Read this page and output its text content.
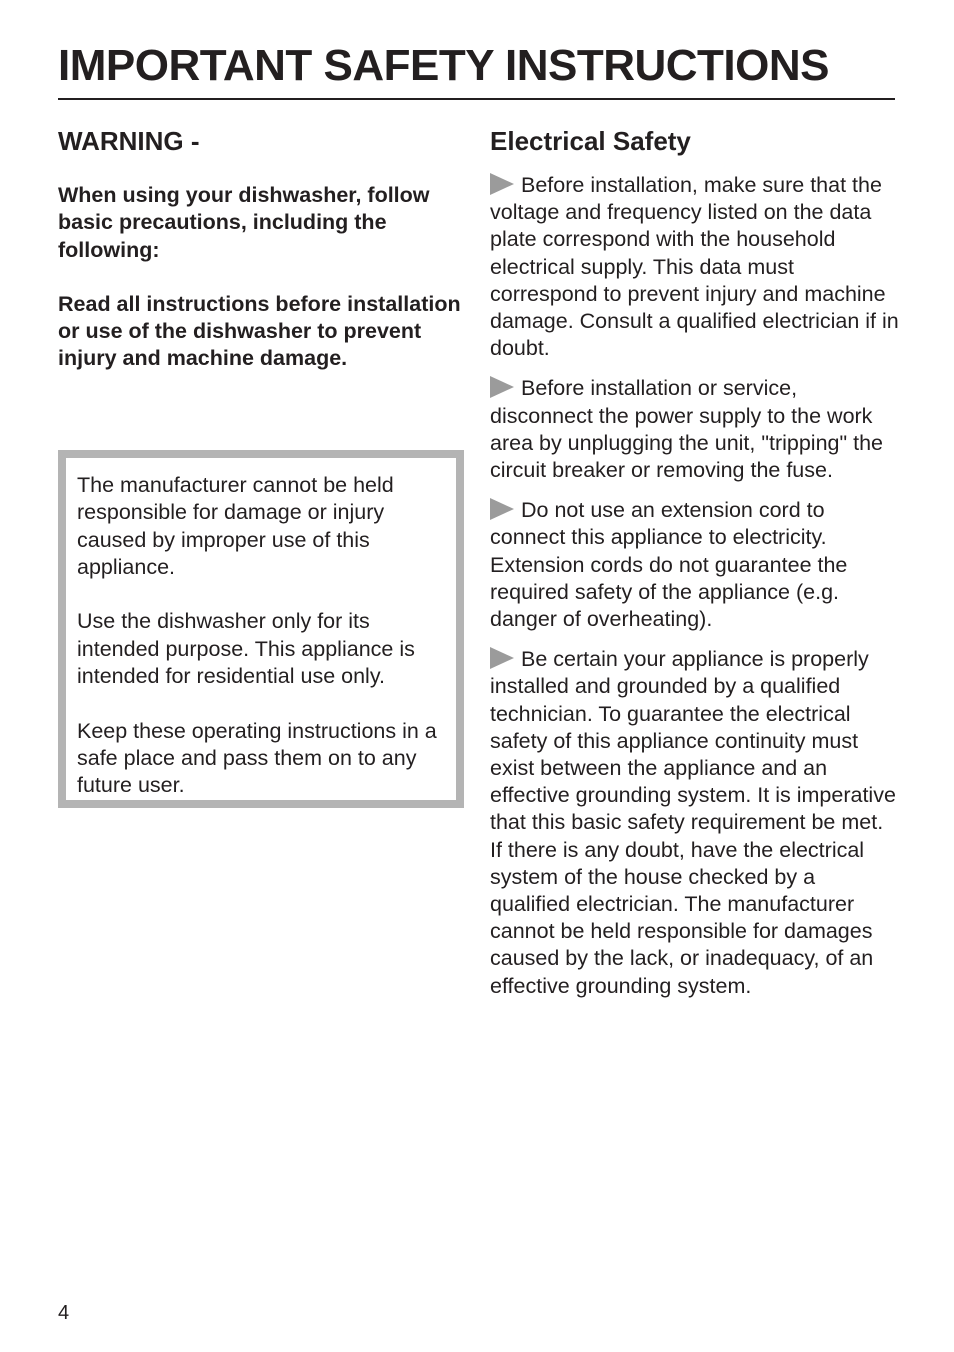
IMPORTANT SAFETY INSTRUCTIONS
WARNING -

When using your dishwasher, follow basic precautions, including the following:

Read all instructions before installation or use of the dishwasher to prevent injury and machine damage.

The manufacturer cannot be held responsible for damage or injury caused by improper use of this appliance.

Use the dishwasher only for its intended purpose. This appliance is intended for residential use only.

Keep these operating instructions in a safe place and pass them on to any future user.

Electrical Safety
Before installation, make sure that the voltage and frequency listed on the data plate correspond with the household electrical supply. This data must correspond to prevent injury and machine damage. Consult a qualified electrician if in doubt.
Before installation or service, disconnect the power supply to the work area by unplugging the unit, "tripping" the circuit breaker or removing the fuse.
Do not use an extension cord to connect this appliance to electricity. Extension cords do not guarantee the required safety of the appliance (e.g. danger of overheating).
Be certain your appliance is properly installed and grounded by a qualified technician. To guarantee the electrical safety of this appliance continuity must exist between the appliance and an effective grounding system. It is imperative that this basic safety requirement be met. If there is any doubt, have the electrical system of the house checked by a qualified electrician. The manufacturer cannot be held responsible for damages caused by the lack, or inadequacy, of an effective grounding system.
4
